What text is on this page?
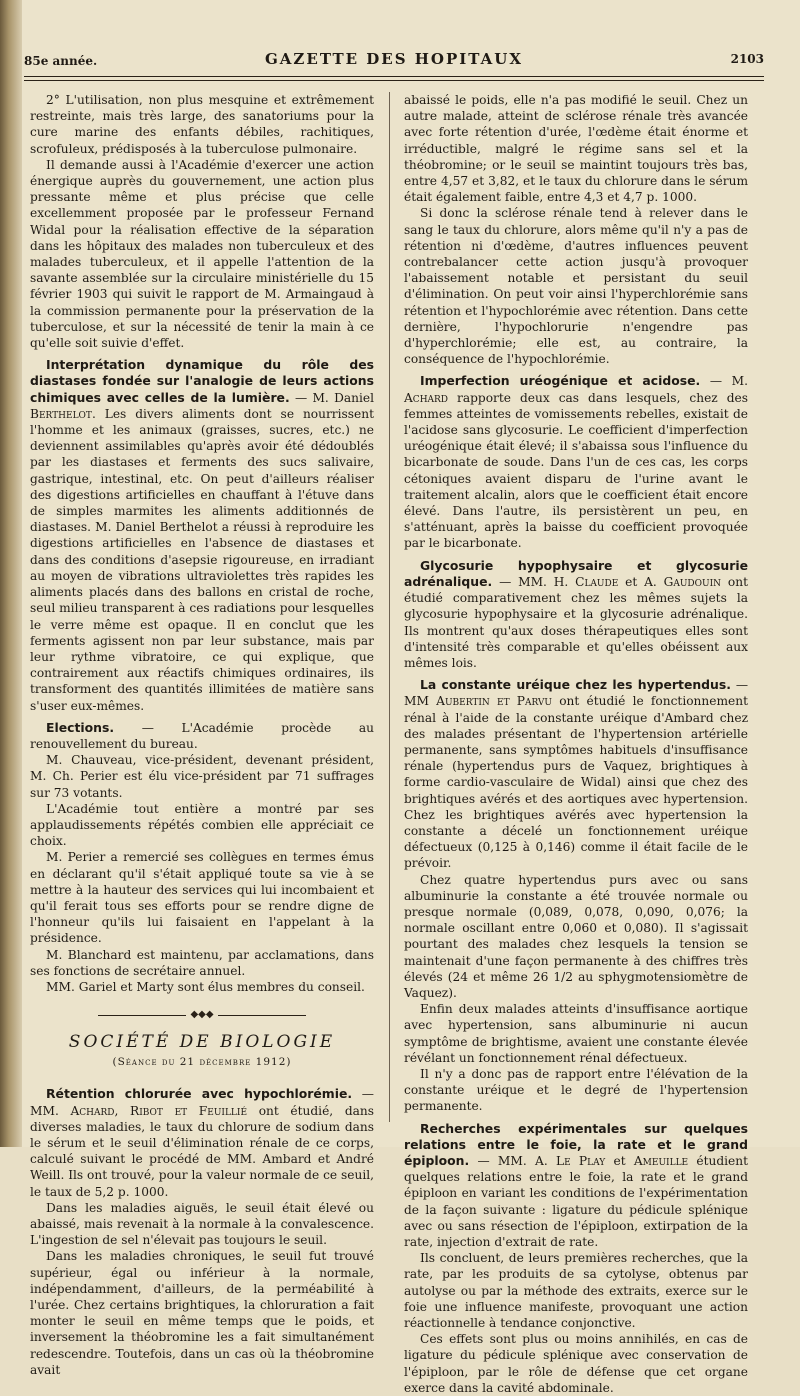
85e année.	GAZETTE DES HOPITAUX	2103

2° L'utilisation, non plus mesquine et extrêmement restreinte, mais très large, des sanatoriums pour la cure marine des enfants débiles, rachitiques, scrofuleux, prédisposés à la tuberculose pulmonaire.

Il demande aussi à l'Académie d'exercer une action énergique auprès du gouvernement, une action plus pressante même et plus précise que celle excellemment proposée par le professeur Fernand Widal pour la réalisation effective de la séparation dans les hôpitaux des malades non tuberculeux et des malades tuberculeux, et il appelle l'attention de la savante assemblée sur la circulaire ministérielle du 15 février 1903 qui suivit le rapport de M. Armaingaud à la commission permanente pour la préservation de la tuberculose, et sur la nécessité de tenir la main à ce qu'elle soit suivie d'effet.

Interprétation dynamique du rôle des diastases fondée sur l'analogie de leurs actions chimiques avec celles de la lumière. — M. Daniel Berthelot. Les divers aliments dont se nourrissent l'homme et les animaux (graisses, sucres, etc.) ne deviennent assimilables qu'après avoir été dédoublés par les diastases et ferments des sucs salivaire, gastrique, intestinal, etc. On peut d'ailleurs réaliser des digestions artificielles en chauffant à l'étuve dans de simples marmites les aliments additionnés de diastases. M. Daniel Berthelot a réussi à reproduire les digestions artificielles en l'absence de diastases et dans des conditions d'asepsie rigoureuse, en irradiant au moyen de vibrations ultraviolettes très rapides les aliments placés dans des ballons en cristal de roche, seul milieu transparent à ces radiations pour lesquelles le verre même est opaque. Il en conclut que les ferments agissent non par leur substance, mais par leur rythme vibratoire, ce qui explique, que contrairement aux réactifs chimiques ordinaires, ils transforment des quantités illimitées de matière sans s'user eux-mêmes.

Elections. — L'Académie procède au renouvellement du bureau.

M. Chauveau, vice-président, devenant président, M. Ch. Perier est élu vice-président par 71 suffrages sur 73 votants.

L'Académie tout entière a montré par ses applaudissements répétés combien elle appréciait ce choix.

M. Perier a remercié ses collègues en termes émus en déclarant qu'il s'était appliqué toute sa vie à se mettre à la hauteur des services qui lui incombaient et qu'il ferait tous ses efforts pour se rendre digne de l'honneur qu'ils lui faisaient en l'appelant à la présidence.

M. Blanchard est maintenu, par acclamations, dans ses fonctions de secrétaire annuel.

MM. Gariel et Marty sont élus membres du conseil.

◆◆◆
SOCIÉTÉ DE BIOLOGIE
(Séance du 21 décembre 1912)

Rétention chlorurée avec hypochlorémie. — MM. Achard, Ribot et Feuillié ont étudié, dans diverses maladies, le taux du chlorure de sodium dans le sérum et le seuil d'élimination rénale de ce corps, calculé suivant le procédé de MM. Ambard et André Weill. Ils ont trouvé, pour la valeur normale de ce seuil, le taux de 5,2 p. 1000.

Dans les maladies aiguës, le seuil était élevé ou abaissé, mais revenait à la normale à la convalescence. L'ingestion de sel n'élevait pas toujours le seuil.

Dans les maladies chroniques, le seuil fut trouvé supérieur, égal ou inférieur à la normale, indépendamment, d'ailleurs, de la perméabilité à l'urée. Chez certains brightiques, la chloruration a fait monter le seuil en même temps que le poids, et inversement la théobromine les a fait simultanément redescendre. Toutefois, dans un cas où la théobromine avait

abaissé le poids, elle n'a pas modifié le seuil. Chez un autre malade, atteint de sclérose rénale très avancée avec forte rétention d'urée, l'œdème était énorme et irréductible, malgré le régime sans sel et la théobromine; or le seuil se maintint toujours très bas, entre 4,57 et 3,82, et le taux du chlorure dans le sérum était également faible, entre 4,3 et 4,7 p. 1000.

Si donc la sclérose rénale tend à relever dans le sang le taux du chlorure, alors même qu'il n'y a pas de rétention ni d'œdème, d'autres influences peuvent contrebalancer cette action jusqu'à provoquer l'abaissement notable et persistant du seuil d'élimination. On peut voir ainsi l'hyperchlorémie sans rétention et l'hypochlorémie avec rétention. Dans cette dernière, l'hypochlorurie n'engendre pas d'hyperchlorémie; elle est, au contraire, la conséquence de l'hypochlorémie.

Imperfection uréogénique et acidose. — M. Achard rapporte deux cas dans lesquels, chez des femmes atteintes de vomissements rebelles, existait de l'acidose sans glycosurie. Le coefficient d'imperfection uréogénique était élevé; il s'abaissa sous l'influence du bicarbonate de soude. Dans l'un de ces cas, les corps cétoniques avaient disparu de l'urine avant le traitement alcalin, alors que le coefficient était encore élevé. Dans l'autre, ils persistèrent un peu, en s'atténuant, après la baisse du coefficient provoquée par le bicarbonate.

Glycosurie hypophysaire et glycosurie adrénalique. — MM. H. Claude et A. Gaudouin ont étudié comparativement chez les mêmes sujets la glycosurie hypophysaire et la glycosurie adrénalique. Ils montrent qu'aux doses thérapeutiques elles sont d'intensité très comparable et qu'elles obéissent aux mêmes lois.

La constante uréique chez les hypertendus. — MM Aubertin et Parvu ont étudié le fonctionnement rénal à l'aide de la constante uréique d'Ambard chez des malades présentant de l'hypertension artérielle permanente, sans symptômes habituels d'insuffisance rénale (hypertendus purs de Vaquez, brightiques à forme cardio-vasculaire de Widal) ainsi que chez des brightiques avérés et des aortiques avec hypertension. Chez les brightiques avérés avec hypertension la constante a décelé un fonctionnement uréique défectueux (0,125 à 0,146) comme il était facile de le prévoir.

Chez quatre hypertendus purs avec ou sans albuminurie la constante a été trouvée normale ou presque normale (0,089, 0,078, 0,090, 0,076; la normale oscillant entre 0,060 et 0,080). Il s'agissait pourtant des malades chez lesquels la tension se maintenait d'une façon permanente à des chiffres très élevés (24 et même 26 1/2 au sphygmotensiomètre de Vaquez).

Enfin deux malades atteints d'insuffisance aortique avec hypertension, sans albuminurie ni aucun symptôme de brightisme, avaient une constante élevée révélant un fonctionnement rénal défectueux.

Il n'y a donc pas de rapport entre l'élévation de la constante uréique et le degré de l'hypertension permanente.

Recherches expérimentales sur quelques relations entre le foie, la rate et le grand épiploon. — MM. A. Le Play et Ameuille étudient quelques relations entre le foie, la rate et le grand épiploon en variant les conditions de l'expérimentation de la façon suivante : ligature du pédicule splénique avec ou sans résection de l'épiploon, extirpation de la rate, injection d'extrait de rate.

Ils concluent, de leurs premières recherches, que la rate, par les produits de sa cytolyse, obtenus par autolyse ou par la méthode des extraits, exerce sur le foie une influence manifeste, provoquant une action réactionnelle à tendance conjonctive.

Ces effets sont plus ou moins annihilés, en cas de ligature du pédicule splénique avec conservation de l'épiploon, par le rôle de défense que cet organe exerce dans la cavité abdominale.
